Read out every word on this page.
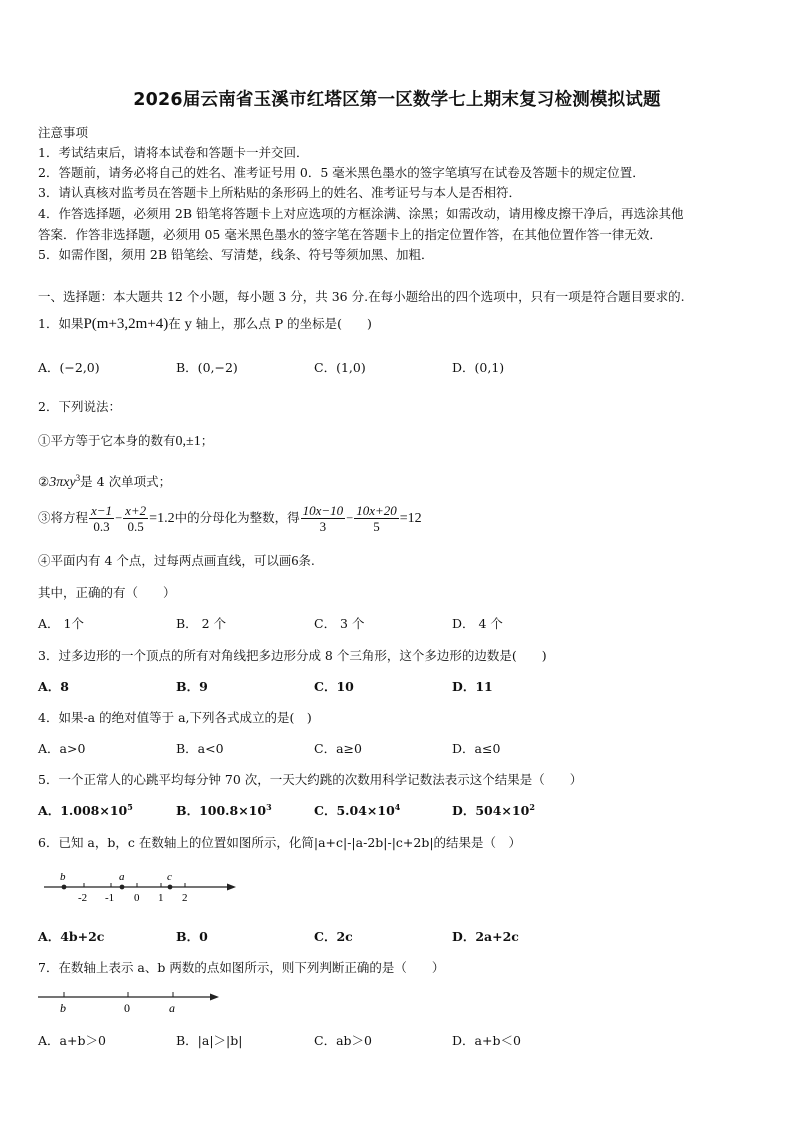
2026届云南省玉溪市红塔区第一区数学七上期末复习检测模拟试题
注意事项
1．考试结束后，请将本试卷和答题卡一并交回．
2．答题前，请务必将自己的姓名、准考证号用 0．5 毫米黑色墨水的签字笔填写在试卷及答题卡的规定位置．
3．请认真核对监考员在答题卡上所粘贴的条形码上的姓名、准考证号与本人是否相符．
4．作答选择题，必须用 2B 铅笔将答题卡上对应选项的方框涂满、涂黑；如需改动，请用橡皮擦干净后，再选涂其他
答案．作答非选择题，必须用 05 毫米黑色墨水的签字笔在答题卡上的指定位置作答，在其他位置作答一律无效．
5．如需作图，须用 2B 铅笔绘、写清楚，线条、符号等须加黑、加粗．
一、选择题：本大题共 12 个小题，每小题 3 分，共 36 分.在每小题给出的四个选项中，只有一项是符合题目要求的.
1．如果P(m+3,2m+4)在 y 轴上，那么点 P 的坐标是(　　)
A．(−2,0)	B．(0,−2)	C．(1,0)	D．(0,1)
2．下列说法：
①平方等于它本身的数有0,±1；
②3πxy$^3$是 4 次单项式；
③将方程 $\frac{x-1}{0.3} - \frac{x+2}{0.5} =1.2$中的分母化为整数，得 $\frac{10x-10}{3} - \frac{10x+20}{5} =12$
④平面内有 4 个点，过每两点画直线，可以画6条.
其中，正确的有（　　）
A． 1个	B． 2 个	C． 3 个	D． 4 个
3．过多边形的一个顶点的所有对角线把多边形分成 8 个三角形，这个多边形的边数是(　　)
A．8	B．9	C．10	D．11
4．如果-a 的绝对值等于 a,下列各式成立的是(　)
A．a>0	B．a<0	C．a≥0	D．a≤0
5．一个正常人的心跳平均每分钟 70 次，一天大约跳的次数用科学记数法表示这个结果是（　　）
A．$1.008\times 10^5$	B．$100.8\times 10^3$	C．$5.04\times 10^4$	D．$504\times 10^2$
6．已知 a，b，c 在数轴上的位置如图所示，化简|a+c|-|a-2b|-|c+2b|的结果是（　）
b	a	c
-2 -1 0 1 2
A．4b+2c	B．0	C．2c	D．2a+2c
7．在数轴上表示 a、b 两数的点如图所示，则下列判断正确的是（　　）
b	0	a
A．a+b＞0	B．|a|＞|b|	C．ab＞0	D．a+b＜0
